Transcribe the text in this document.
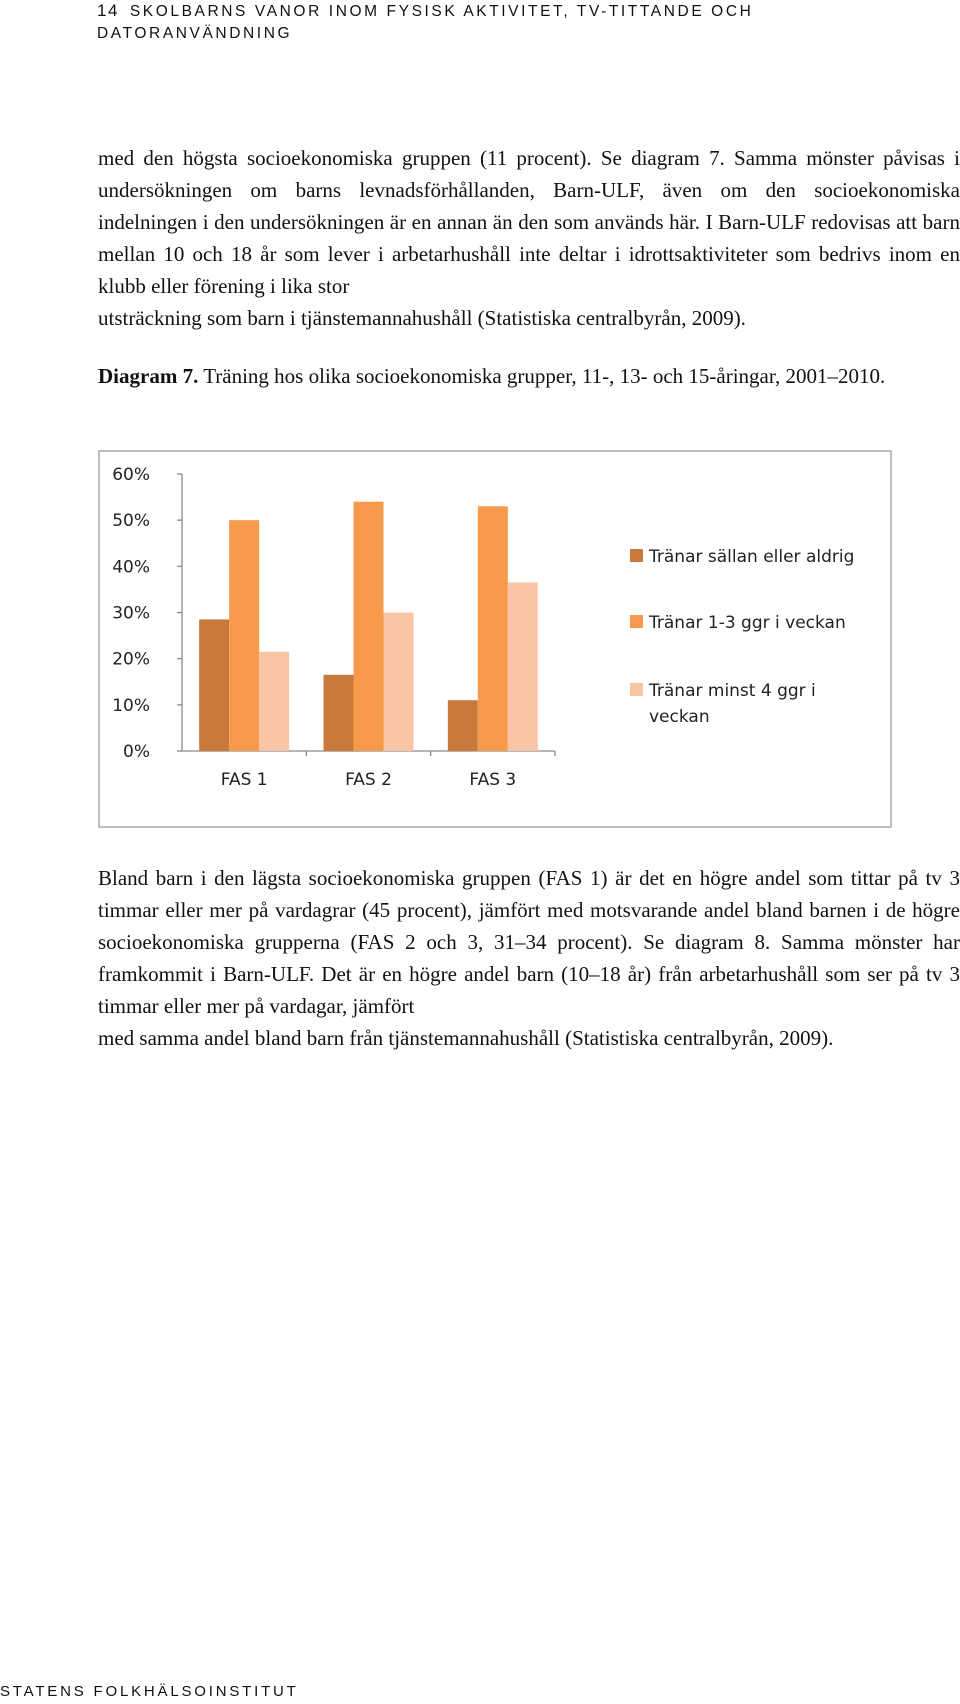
14 SKOLBARNS VANOR INOM FYSISK AKTIVITET, TV-TITTANDE OCH
DATORANVÄNDNING
med den högsta socioekonomiska gruppen (11 procent). Se diagram 7. Samma mönster påvisas i undersökningen om barns levnadsförhållanden, Barn-ULF, även om den socioekonomiska indelningen i den undersökningen är en annan än den som används här. I Barn-ULF redovisas att barn mellan 10 och 18 år som lever i arbetarhushåll inte deltar i idrottsaktiviteter som bedrivs inom en klubb eller förening i lika stor
utsträckning som barn i tjänstemannahushåll (Statistiska centralbyrån, 2009).

Diagram 7. Träning hos olika socioekonomiska grupper, 11-, 13- och 15-åringar, 2001–2010.

0%
10%
20%
30%
40%
50%
60%
FAS 1	FAS 2	FAS 3
Tränar sällan eller aldrig
Tränar 1-3 ggr i veckan
Tränar minst 4 ggr i veckan
Bland barn i den lägsta socioekonomiska gruppen (FAS 1) är det en högre andel som tittar på tv 3 timmar eller mer på vardagrar (45 procent), jämfört med motsvarande andel bland barnen i de högre socioekonomiska grupperna (FAS 2 och 3, 31–34 procent). Se diagram 8. Samma mönster har framkommit i Barn-ULF. Det är en högre andel barn (10–18 år) från arbetarhushåll som ser på tv 3 timmar eller mer på vardagar, jämfört
med samma andel bland barn från tjänstemannahushåll (Statistiska centralbyrån, 2009).
STATENS FOLKHÄLSOINSTITUT
